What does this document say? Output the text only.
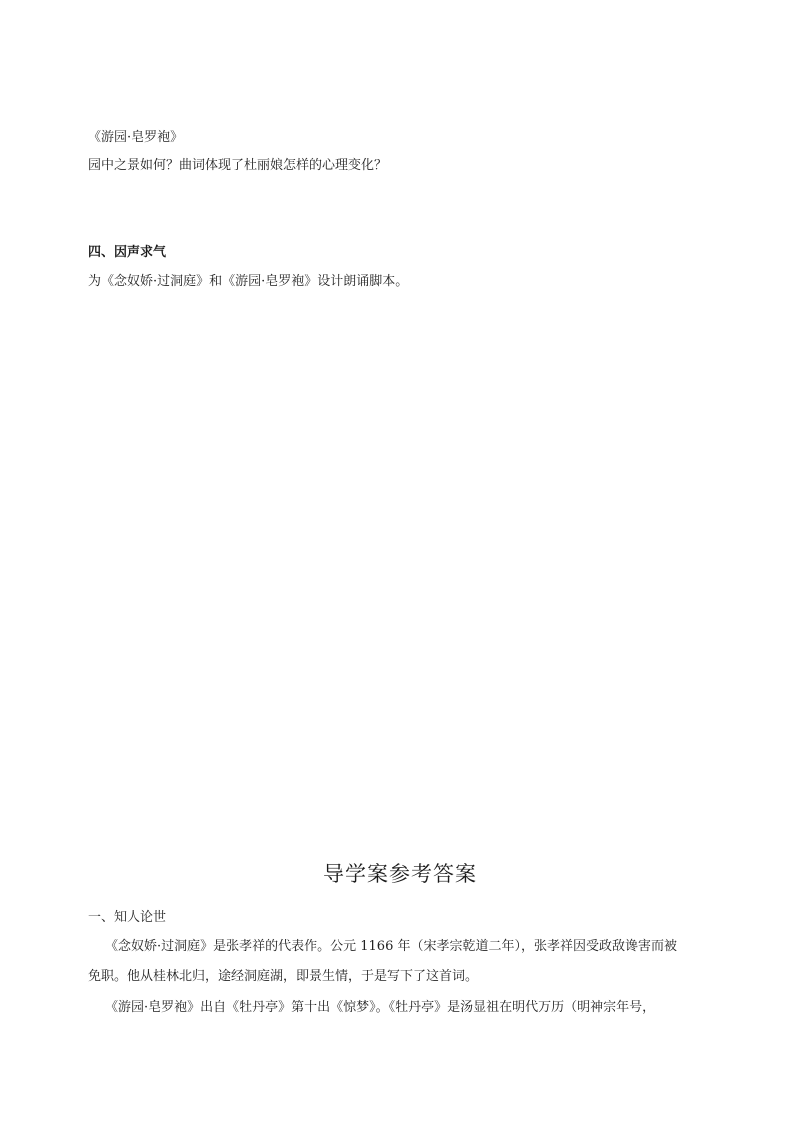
《游园·皂罗袍》
园中之景如何？曲词体现了杜丽娘怎样的心理变化？
四、因声求气
为《念奴娇·过洞庭》和《游园·皂罗袍》设计朗诵脚本。
导学案参考答案
一、知人论世
《念奴娇·过洞庭》是张孝祥的代表作。公元 1166 年（宋孝宗乾道二年），张孝祥因受政敌谗害而被
免职。他从桂林北归，途经洞庭湖，即景生情，于是写下了这首词。
《游园·皂罗袍》出自《牡丹亭》第十出《惊梦》。《牡丹亭》是汤显祖在明代万历（明神宗年号，
